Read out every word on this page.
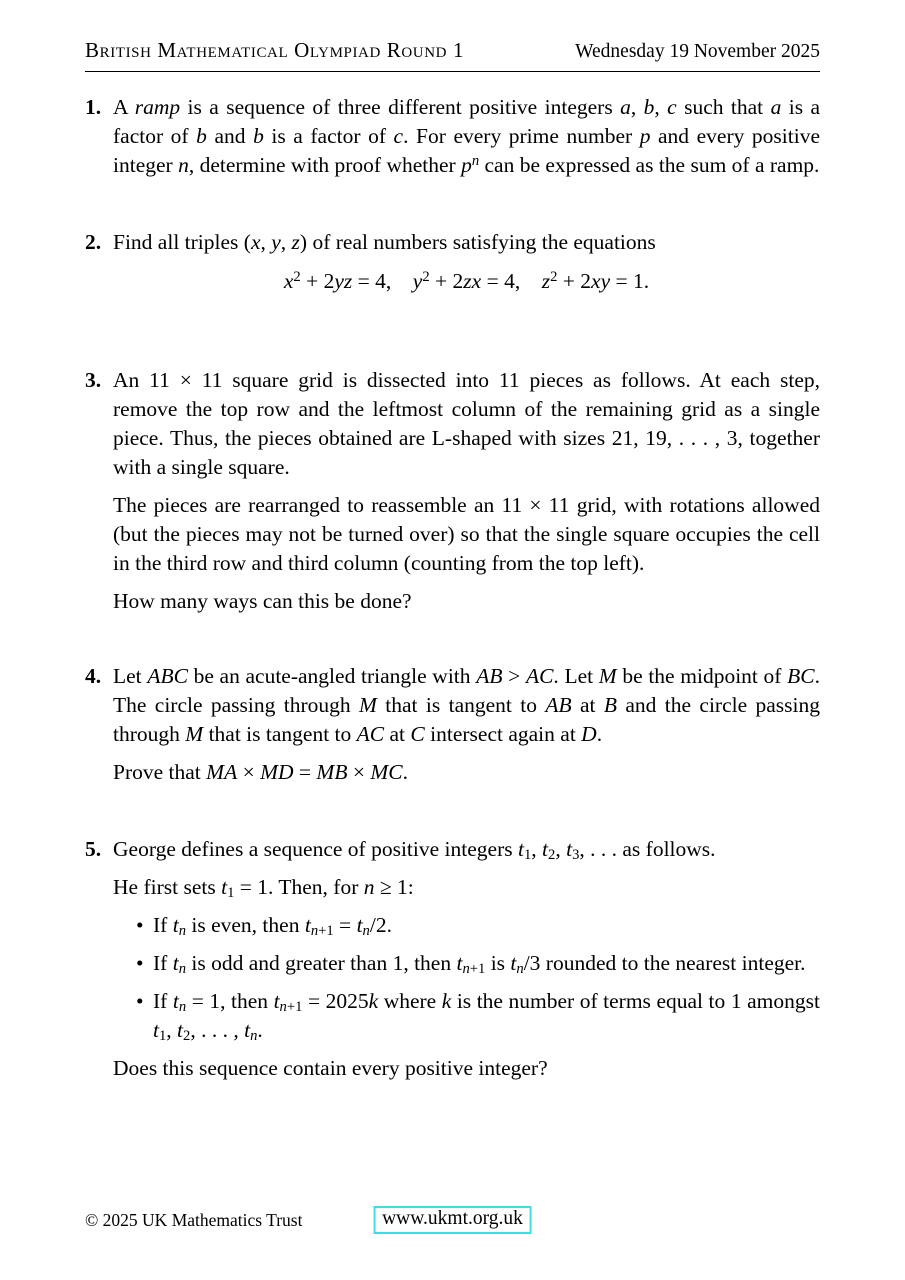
British Mathematical Olympiad Round 1	Wednesday 19 November 2025
1. A ramp is a sequence of three different positive integers a, b, c such that a is a factor of b and b is a factor of c. For every prime number p and every positive integer n, determine with proof whether $p^n$ can be expressed as the sum of a ramp.

2. Find all triples (x, y, z) of real numbers satisfying the equations

$x^2 + 2yz = 4$,  $y^2 + 2zx = 4$,  $z^2 + 2xy = 1$.

3. An 11 × 11 square grid is dissected into 11 pieces as follows. At each step, remove the top row and the leftmost column of the remaining grid as a single piece. Thus, the pieces obtained are L-shaped with sizes 21, 19, . . . , 3, together with a single square.

The pieces are rearranged to reassemble an 11 × 11 grid, with rotations allowed (but the pieces may not be turned over) so that the single square occupies the cell in the third row and third column (counting from the top left).

How many ways can this be done?

4. Let ABC be an acute-angled triangle with AB > AC. Let M be the midpoint of BC. The circle passing through M that is tangent to AB at B and the circle passing through M that is tangent to AC at C intersect again at D.

Prove that MA × MD = MB × MC.

5. George defines a sequence of positive integers t1, t2, t3, . . . as follows.

He first sets t1 = 1. Then, for n ≥ 1:

• If tn is even, then tn+1 = tn/2.

• If tn is odd and greater than 1, then tn+1 is tn/3 rounded to the nearest integer.

• If tn = 1, then tn+1 = 2025k where k is the number of terms equal to 1 amongst t1, t2, . . . , tn.

Does this sequence contain every positive integer?

© 2025 UK Mathematics Trust	www.ukmt.org.uk
